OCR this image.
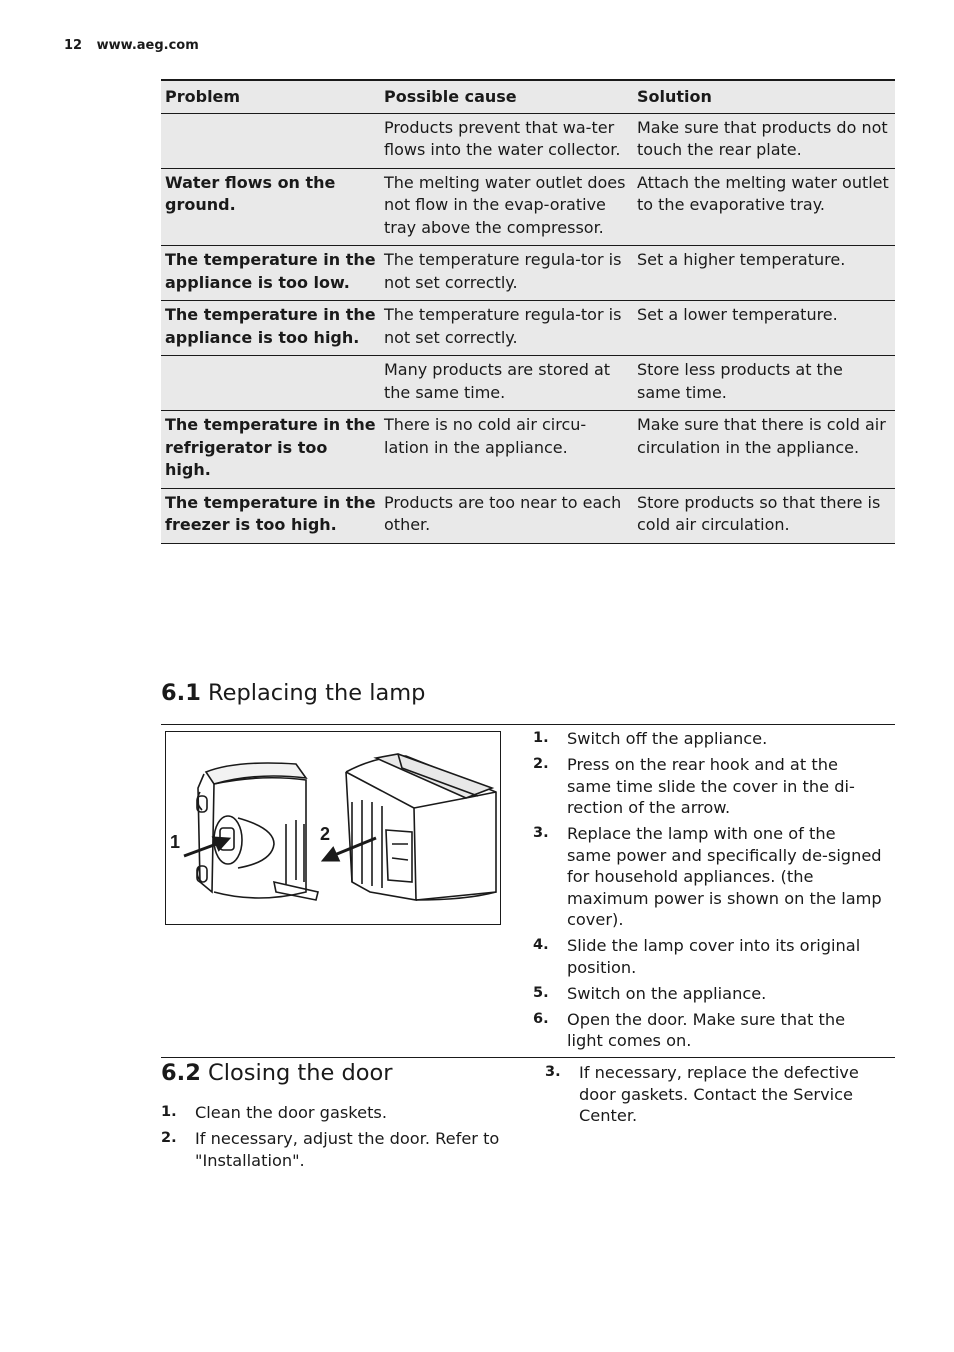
12 www.aeg.com
Problem	Possible cause	Solution
	Products prevent that wa-ter flows into the water collector.	Make sure that products do not touch the rear plate.
Water flows on the ground.	The melting water outlet does not flow in the evap-orative tray above the compressor.	Attach the melting water outlet to the evaporative tray.
The temperature in the appliance is too low.	The temperature regula-tor is not set correctly.	Set a higher temperature.
The temperature in the appliance is too high.	The temperature regula-tor is not set correctly.	Set a lower temperature.
	Many products are stored at the same time.	Store less products at the same time.
The temperature in the refrigerator is too high.	There is no cold air circu-lation in the appliance.	Make sure that there is cold air circulation in the appliance.
The temperature in the freezer is too high.	Products are too near to each other.	Store products so that there is cold air circulation.
6.1 Replacing the lamp
1	2
1.	Switch off the appliance.
2.	Press on the rear hook and at the same time slide the cover in the di-rection of the arrow.
3.	Replace the lamp with one of the same power and specifically de-signed for household appliances. (the maximum power is shown on the lamp cover).
4.	Slide the lamp cover into its original position.
5.	Switch on the appliance.
6.	Open the door. Make sure that the light comes on.
6.2 Closing the door
1.	Clean the door gaskets.
2.	If necessary, adjust the door. Refer to "Installation".
3.	If necessary, replace the defective door gaskets. Contact the Service Center.
